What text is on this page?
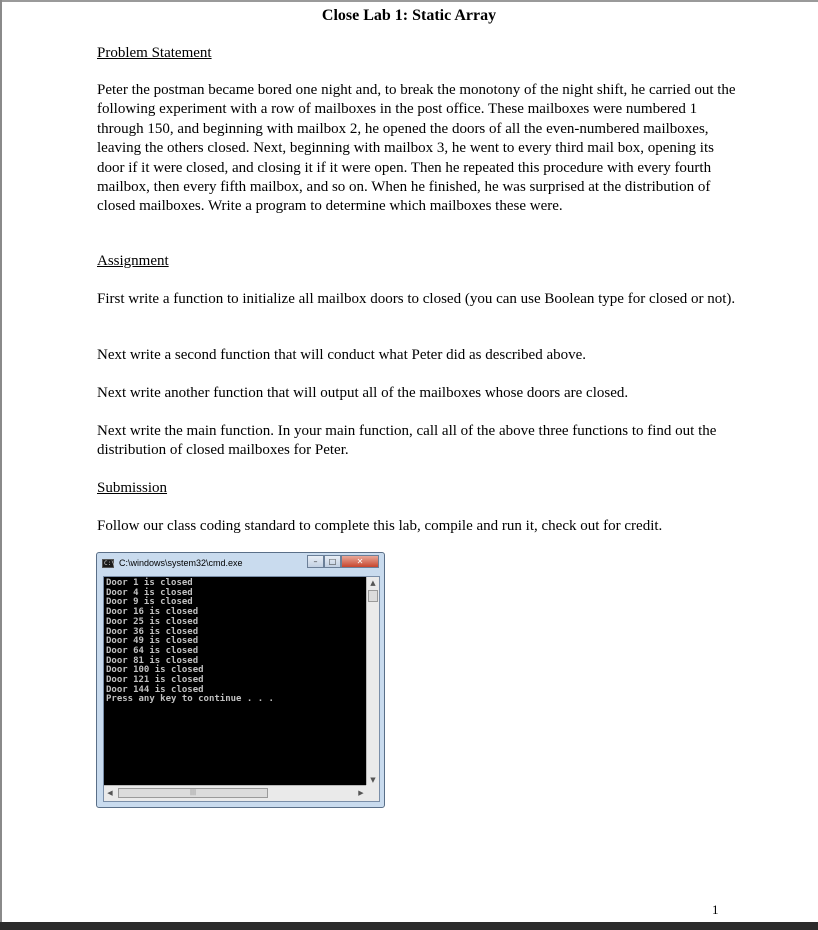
Close Lab 1: Static Array
Problem Statement

Peter the postman became bored one night and, to break the monotony of the night shift, he carried out the following experiment with a row of mailboxes in the post office. These mailboxes were numbered 1 through 150, and beginning with mailbox 2, he opened the doors of all the even-numbered mailboxes, leaving the others closed. Next, beginning with mailbox 3, he went to every third mail box, opening its door if it were closed, and closing it if it were open. Then he repeated this procedure with every fourth mailbox, then every fifth mailbox, and so on. When he finished, he was surprised at the distribution of closed mailboxes. Write a program to determine which mailboxes these were.

Assignment

First write a function to initialize all mailbox doors to closed (you can use Boolean type for closed or not).

Next write a second function that will conduct what Peter did as described above.

Next write another function that will output all of the mailboxes whose doors are closed.

Next write the main function. In your main function, call all of the above three functions to find out the distribution of closed mailboxes for Peter.

Submission

Follow our class coding standard to complete this lab, compile and run it, check out for credit.

C:\ C:\windows\system32\cmd.exe	–	□	✕
Door 1 is closed
Door 4 is closed
Door 9 is closed
Door 16 is closed
Door 25 is closed
Door 36 is closed
Door 49 is closed
Door 64 is closed
Door 81 is closed
Door 100 is closed
Door 121 is closed
Door 144 is closed
Press any key to continue . . .

▲
▼
◀	|||	▶
1
